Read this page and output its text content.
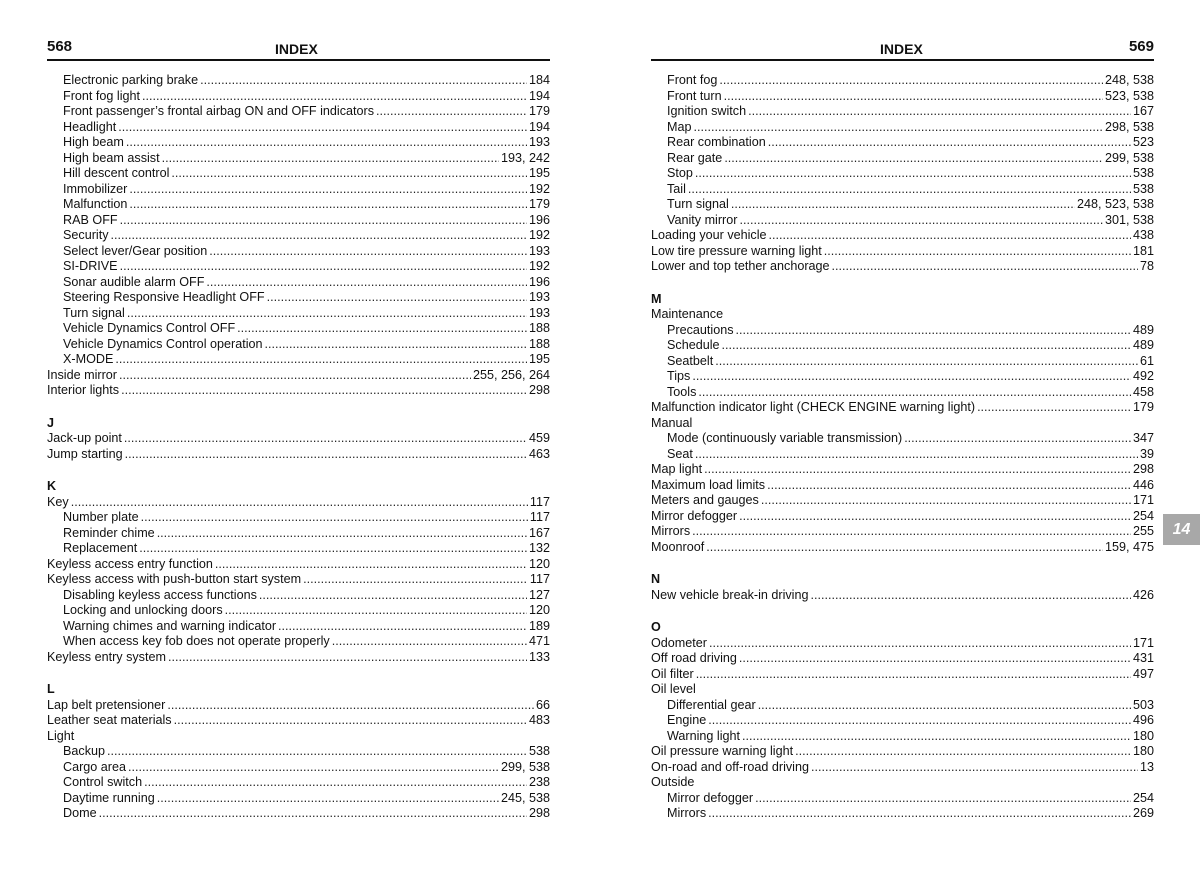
568	INDEX
Electronic parking brake .....	184
Front fog light .....	194
Front passenger’s frontal airbag ON and OFF indicators .....	179
Headlight .....	194
High beam .....	193
High beam assist .....	193, 242
Hill descent control .....	195
Immobilizer .....	192
Malfunction .....	179
RAB OFF .....	196
Security .....	192
Select lever/Gear position .....	193
SI-DRIVE .....	192
Sonar audible alarm OFF .....	196
Steering Responsive Headlight OFF .....	193
Turn signal .....	193
Vehicle Dynamics Control OFF .....	188
Vehicle Dynamics Control operation .....	188
X-MODE .....	195
Inside mirror .....	255, 256, 264
Interior lights .....	298
J
Jack-up point .....	459
Jump starting .....	463
K
Key .....	117
Number plate .....	117
Reminder chime .....	167
Replacement .....	132
Keyless access entry function .....	120
Keyless access with push-button start system .....	117
Disabling keyless access functions .....	127
Locking and unlocking doors .....	120
Warning chimes and warning indicator .....	189
When access key fob does not operate properly .....	471
Keyless entry system .....	133
L
Lap belt pretensioner .....	66
Leather seat materials .....	483
Light
Backup .....	538
Cargo area .....	299, 538
Control switch .....	238
Daytime running .....	245, 538
Dome .....	298
INDEX	569
Front fog .....	248, 538
Front turn .....	523, 538
Ignition switch .....	167
Map .....	298, 538
Rear combination .....	523
Rear gate .....	299, 538
Stop .....	538
Tail .....	538
Turn signal .....	248, 523, 538
Vanity mirror .....	301, 538
Loading your vehicle .....	438
Low tire pressure warning light .....	181
Lower and top tether anchorage .....	78
M
Maintenance
Precautions .....	489
Schedule .....	489
Seatbelt .....	61
Tips .....	492
Tools .....	458
Malfunction indicator light (CHECK ENGINE warning light) .....	179
Manual
Mode (continuously variable transmission) .....	347
Seat .....	39
Map light .....	298
Maximum load limits .....	446
Meters and gauges .....	171
Mirror defogger .....	254
Mirrors .....	255
Moonroof .....	159, 475
N
New vehicle break-in driving .....	426
O
Odometer .....	171
Off road driving .....	431
Oil filter .....	497
Oil level
Differential gear .....	503
Engine .....	496
Warning light .....	180
Oil pressure warning light .....	180
On-road and off-road driving .....	13
Outside
Mirror defogger .....	254
Mirrors .....	269
14
